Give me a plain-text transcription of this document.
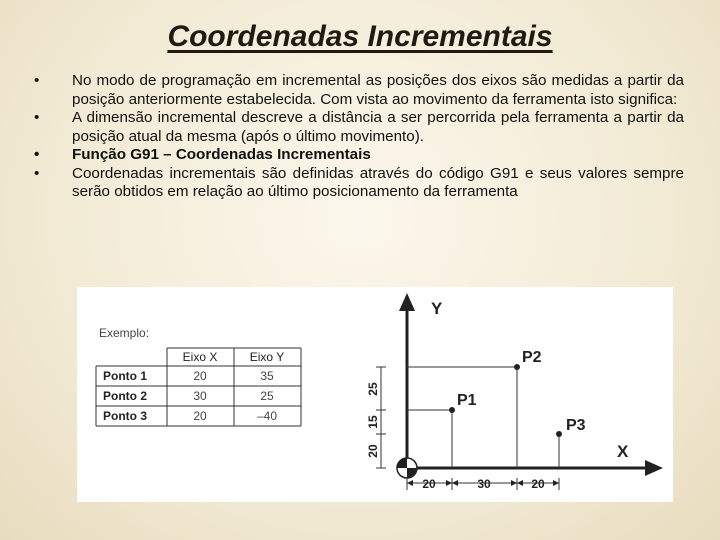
Coordenadas Incrementais
• No modo de programação em incremental as posições dos eixos são medidas a partir da posição anteriormente estabelecida. Com vista ao movimento da ferramenta isto significa:
• A dimensão incremental descreve a distância a ser percorrida pela ferramenta a partir da posição atual da mesma (após o último movimento).
• Função G91 – Coordenadas Incrementais
• Coordenadas incrementais são definidas através do código G91 e seus valores sempre serão obtidos em relação ao último posicionamento da ferramenta
Exemplo:
Eixo X	Eixo Y
Ponto 1	20	35
Ponto 2	30	25
Ponto 3	20	–40
Y
X
P1
P2
P3
20	30	20
20
15
25
